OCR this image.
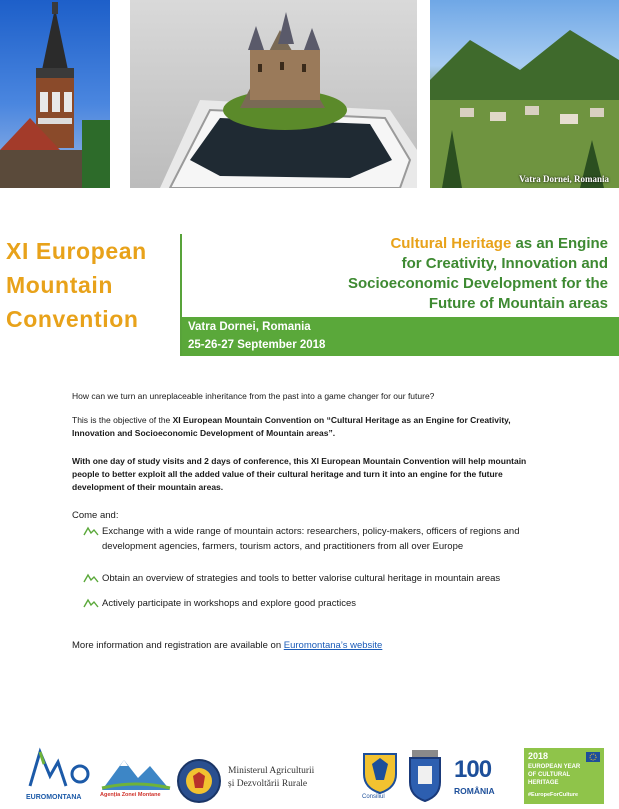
Vatra Dornei, Romania
XI European
Mountain
Convention
Cultural Heritage as an Engine
for Creativity, Innovation and
Socioeconomic Development for the
Future of Mountain areas
Vatra Dornei, Romania
25-26-27 September 2018
How can we turn an unreplaceable inheritance from the past into a game changer for our future?
This is the objective of the XI European Mountain Convention on “Cultural Heritage as an Engine for Creativity, Innovation and Socioeconomic Development of Mountain areas”.
With one day of study visits and 2 days of conference, this XI European Mountain Convention will help mountain people to better exploit all the added value of their cultural heritage and turn it into an engine for the future development of their mountain areas.
Come and:
Exchange with a wide range of mountain actors: researchers, policy-makers, officers of regions and development agencies, farmers, tourism actors, and practitioners from all over Europe
Obtain an overview of strategies and tools to better valorise cultural heritage in mountain areas
Actively participate in workshops and explore good practices
More information and registration are available on Euromontana’s website
EUROMONTANA	Agenția Zonei Montane
Ministerul Agriculturii
și Dezvoltării Rurale
Consiliul
100
ROMÂNIA
2018
EUROPEAN YEAR
OF CULTURAL
HERITAGE
#EuropeForCulture
